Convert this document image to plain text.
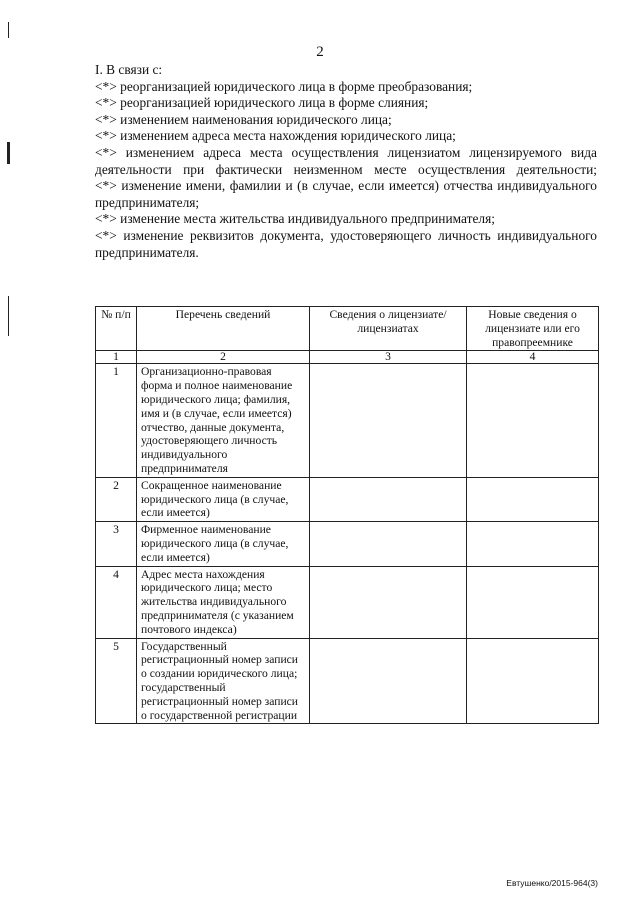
2

I. В связи с:

<*> реорганизацией юридического лица в форме преобразования;

<*> реорганизацией юридического лица в форме слияния;

<*> изменением наименования юридического лица;

<*> изменением адреса места нахождения юридического лица;

<*> изменением адреса места осуществления лицензиатом лицензируемого вида деятельности при фактически неизменном месте осуществления деятельности;

<*> изменение имени, фамилии и (в случае, если имеется) отчества индивидуального предпринимателя;

<*> изменение места жительства индивидуального предпринимателя;

<*> изменение реквизитов документа, удостоверяющего личность индивидуального предпринимателя.

№ п/п	Перечень сведений	Сведения о лицензиате/лицензиатах	Новые сведения о лицензиате или его правопреемнике
1	2	3	4
1	Организационно-правовая форма и полное наименование юридического лица; фамилия, имя и (в случае, если имеется) отчество, данные документа, удостоверяющего личность индивидуального предпринимателя		
2	Сокращенное наименование юридического лица (в случае, если имеется)		
3	Фирменное наименование юридического лица (в случае, если имеется)		
4	Адрес места нахождения юридического лица; место жительства индивидуального предпринимателя (с указанием почтового индекса)		
5	Государственный регистрационный номер записи о создании юридического лица; государственный регистрационный номер записи о государственной регистрации		
Евтушенко/2015-964(3)
